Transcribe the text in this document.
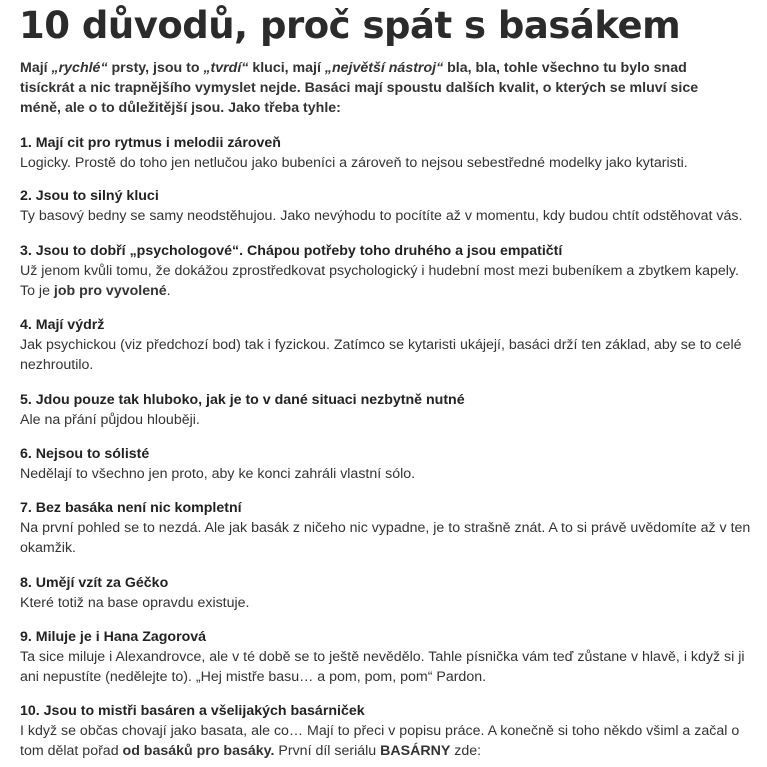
10 důvodů, proč spát s basákem

Mají „rychlé“ prsty, jsou to „tvrdí“ kluci, mají „největší nástroj“ bla, bla, tohle všechno tu bylo snad tisíckrát a nic trapnějšího vymyslet nejde. Basáci mají spoustu dalších kvalit, o kterých se mluví sice méně, ale o to důležitější jsou. Jako třeba tyhle:

1. Mají cit pro rytmus i melodii zároveň
Logicky. Prostě do toho jen netlučou jako bubeníci a zároveň to nejsou sebestředné modelky jako kytaristi.
2. Jsou to silný kluci
Ty basový bedny se samy neodstěhujou. Jako nevýhodu to pocítíte až v momentu, kdy budou chtít odstěhovat vás.
3. Jsou to dobří „psychologové“. Chápou potřeby toho druhého a jsou empatičtí
Už jenom kvůli tomu, že dokážou zprostředkovat psychologický i hudební most mezi bubeníkem a zbytkem kapely. To je job pro vyvolené.
4. Mají výdrž
Jak psychickou (viz předchozí bod) tak i fyzickou. Zatímco se kytaristi ukájejí, basáci drží ten základ, aby se to celé nezhroutilo.
5. Jdou pouze tak hluboko, jak je to v dané situaci nezbytně nutné
Ale na přání půjdou hlouběji.
6. Nejsou to sólisté
Nedělají to všechno jen proto, aby ke konci zahráli vlastní sólo.
7. Bez basáka není nic kompletní
Na první pohled se to nezdá. Ale jak basák z ničeho nic vypadne, je to strašně znát. A to si právě uvědomíte až v ten okamžik.
8. Umějí vzít za Géčko
Které totiž na base opravdu existuje.
9. Miluje je i Hana Zagorová
Ta sice miluje i Alexandrovce, ale v té době se to ještě nevědělo. Tahle písnička vám teď zůstane v hlavě, i když si ji ani nepustíte (nedělejte to). „Hej mistře basu… a pom, pom, pom“ Pardon.
10. Jsou to mistři basáren a všelijakých basárniček
I když se občas chovají jako basata, ale co… Mají to přeci v popisu práce. A konečně si toho někdo všiml a začal o tom dělat pořad od basáků pro basáky. První díl seriálu BASÁRNY zde:
